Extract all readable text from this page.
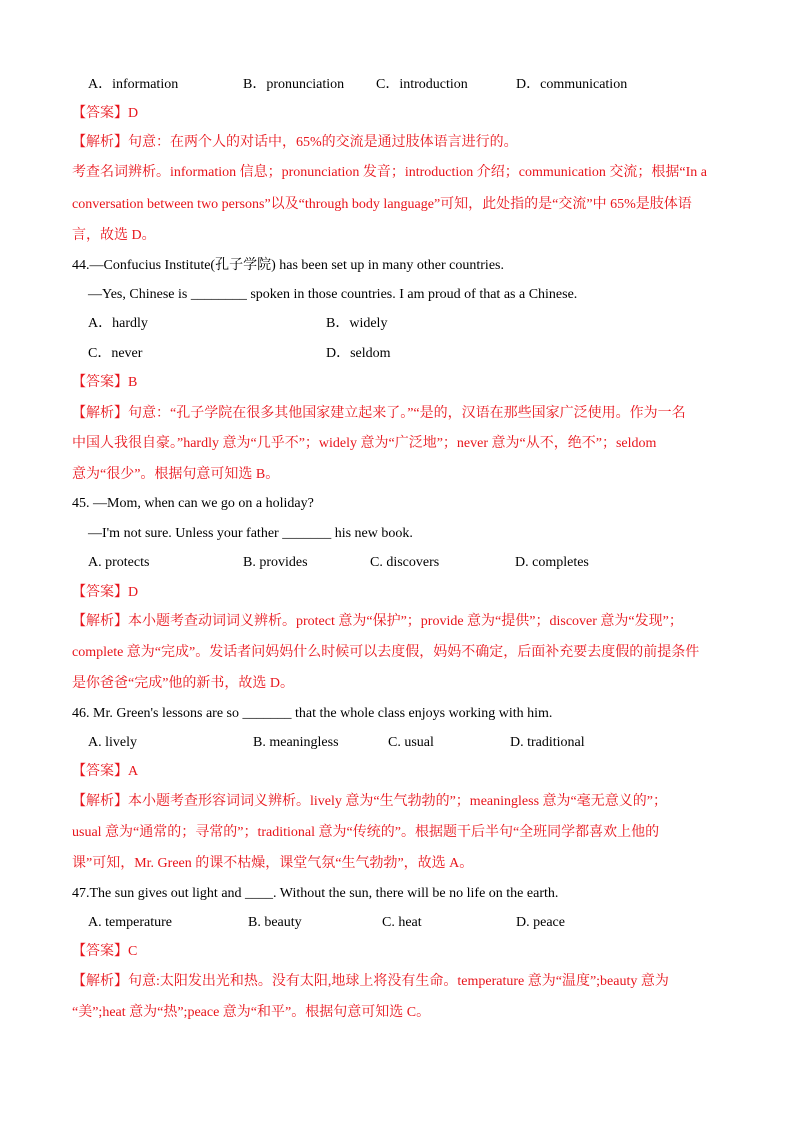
A．information	B．pronunciation C．introduction	D．communication
【答案】D
【解析】句意：在两个人的对话中，65%的交流是通过肢体语言进行的。
考查名词辨析。information 信息；pronunciation 发音；introduction 介绍；communication 交流；根据“In a
conversation between two persons”以及“through body language”可知，此处指的是“交流”中 65%是肢体语
言，故选 D。
44.—Confucius Institute(孔子学院) has been set up in many other countries.
—Yes, Chinese is ________ spoken in those countries. I am proud of that as a Chinese.
A．hardly	B．widely
C．never	D．seldom
【答案】B
【解析】句意：“孔子学院在很多其他国家建立起来了。”“是的，汉语在那些国家广泛使用。作为一名
中国人我很自豪。”hardly 意为“几乎不”；widely 意为“广泛地”；never 意为“从不，绝不”；seldom
意为“很少”。根据句意可知选 B。
45. —Mom, when can we go on a holiday?
—I'm not sure. Unless your father _______ his new book.
A. protects	B. provides	C. discovers	D. completes
【答案】D
【解析】本小题考查动词词义辨析。protect 意为“保护”；provide 意为“提供”；discover 意为“发现”；
complete 意为“完成”。发话者问妈妈什么时候可以去度假，妈妈不确定，后面补充要去度假的前提条件
是你爸爸“完成”他的新书，故选 D。
46. Mr. Green's lessons are so _______ that the whole class enjoys working with him.
A. lively	B. meaningless	C. usual	D. traditional
【答案】A
【解析】本小题考查形容词词义辨析。lively 意为“生气勃勃的”；meaningless 意为“毫无意义的”；
usual 意为“通常的；寻常的”；traditional 意为“传统的”。根据题干后半句“全班同学都喜欢上他的
课”可知，Mr. Green 的课不枯燥，课堂气氛“生气勃勃”，故选 A。
47.The sun gives out light and ____. Without the sun, there will be no life on the earth.
A. temperature	B. beauty	C. heat	D. peace
【答案】C
【解析】句意:太阳发出光和热。没有太阳,地球上将没有生命。temperature 意为“温度”;beauty 意为
“美”;heat 意为“热”;peace 意为“和平”。根据句意可知选 C。
